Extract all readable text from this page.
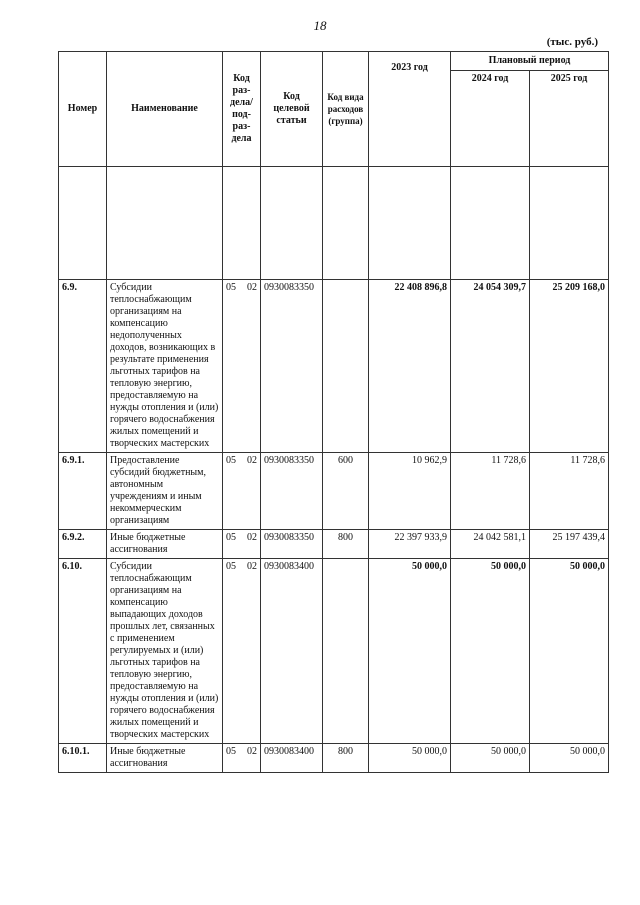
18
(тыс. руб.)
Номер	Наименование	Код раз-дела/ под-раз-дела	Код целевой статьи	Код вида расходов (группа)	2023 год	Плановый период	
						2024 год	2025 год

6.9.	Субсидии теплоснабжающим организациям на компенсацию недополученных доходов, возникающих в результате применения льготных тарифов на тепловую энергию, предоставляемую на нужды отопления и (или) горячего водоснабжения жилых помещений и творческих мастерских	05 02	0930083350		22 408 896,8	24 054 309,7	25 209 168,0
6.9.1.	Предоставление субсидий бюджетным, автономным учреждениям и иным некоммерческим организациям	05 02	0930083350	600	10 962,9	11 728,6	11 728,6
6.9.2.	Иные бюджетные ассигнования	05 02	0930083350	800	22 397 933,9	24 042 581,1	25 197 439,4
6.10.	Субсидии теплоснабжающим организациям на компенсацию выпадающих доходов прошлых лет, связанных с применением регулируемых и (или) льготных тарифов на тепловую энергию, предоставляемую на нужды отопления и (или) горячего водоснабжения жилых помещений и творческих мастерских	05 02	0930083400		50 000,0	50 000,0	50 000,0
6.10.1.	Иные бюджетные ассигнования	05 02	0930083400	800	50 000,0	50 000,0	50 000,0
